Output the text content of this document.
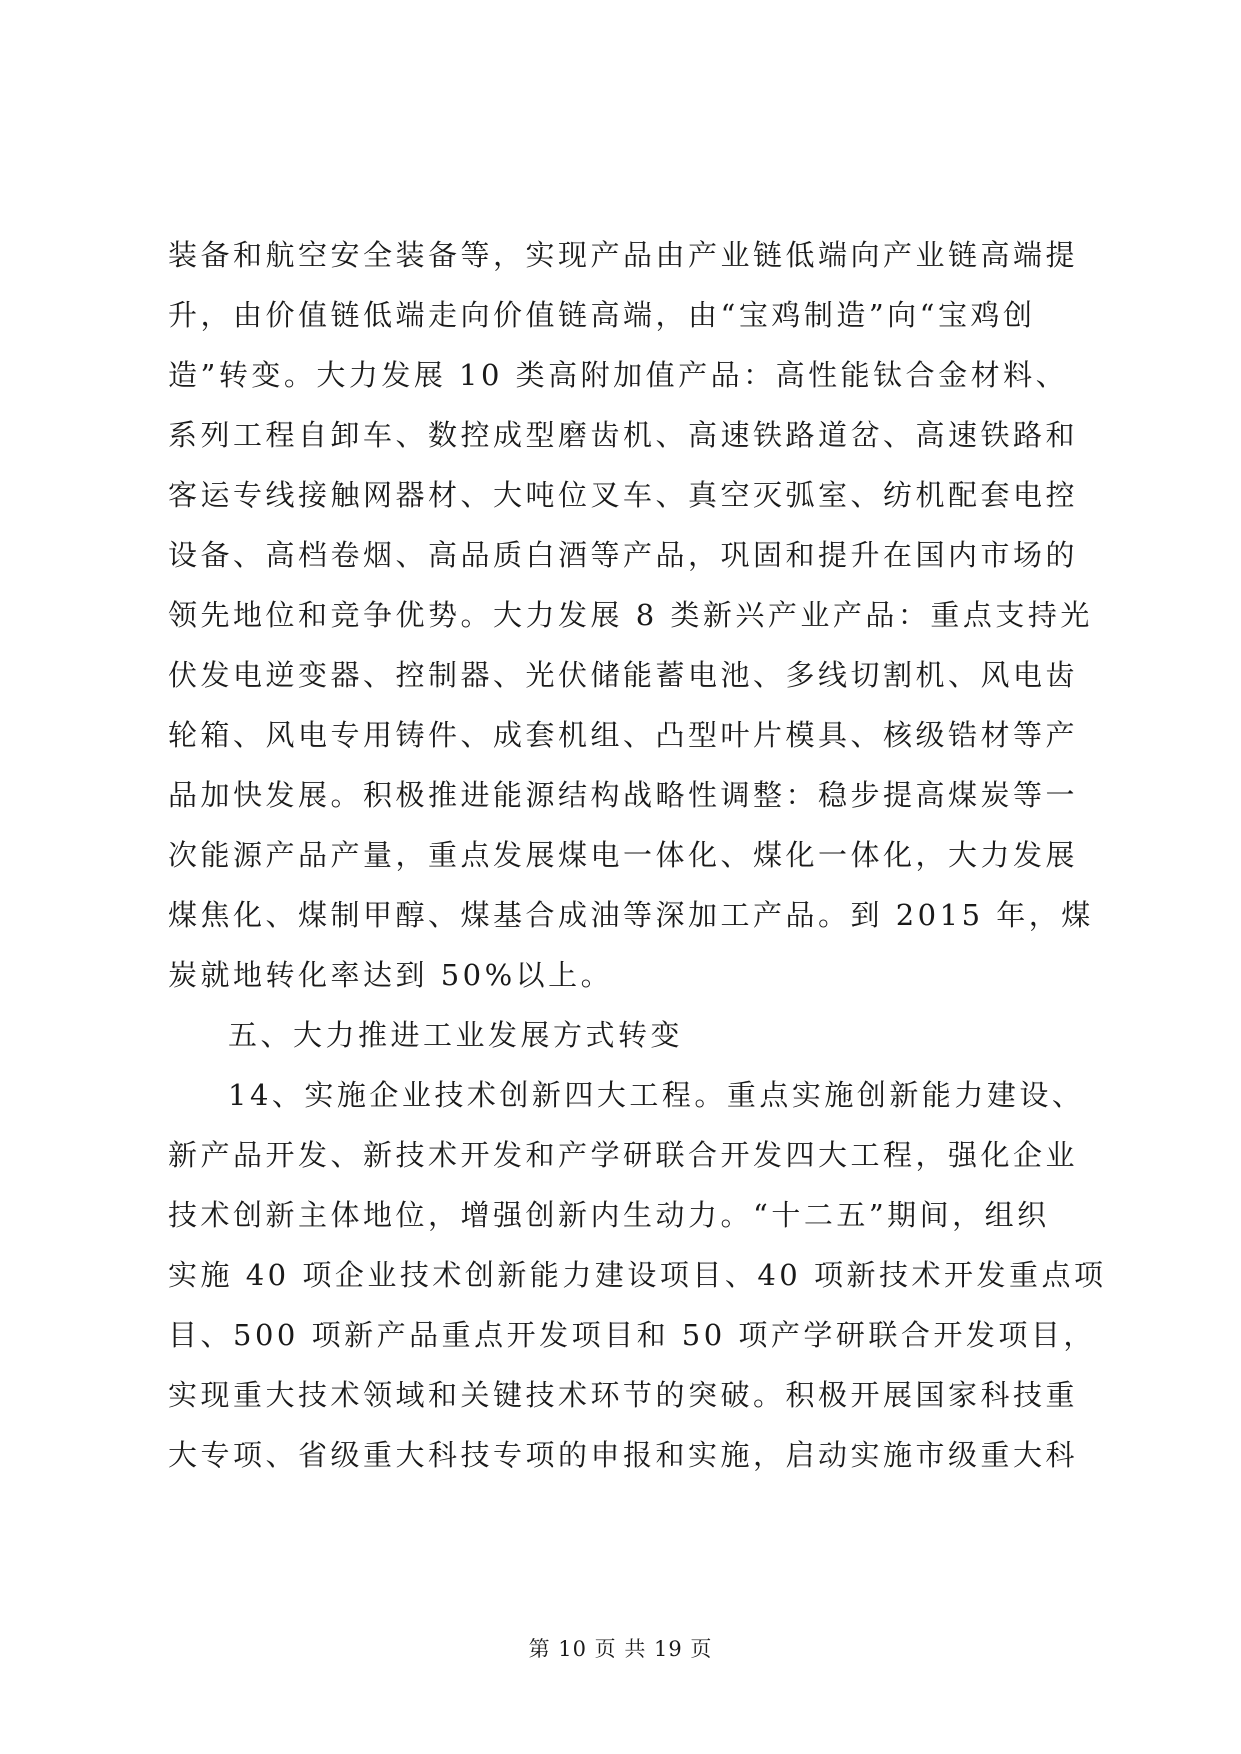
装备和航空安全装备等，实现产品由产业链低端向产业链高端提

升，由价值链低端走向价值链高端，由“宝鸡制造”向“宝鸡创

造”转变。大力发展 10 类高附加值产品：高性能钛合金材料、

系列工程自卸车、数控成型磨齿机、高速铁路道岔、高速铁路和

客运专线接触网器材、大吨位叉车、真空灭弧室、纺机配套电控

设备、高档卷烟、高品质白酒等产品，巩固和提升在国内市场的

领先地位和竞争优势。大力发展 8 类新兴产业产品：重点支持光

伏发电逆变器、控制器、光伏储能蓄电池、多线切割机、风电齿

轮箱、风电专用铸件、成套机组、凸型叶片模具、核级锆材等产

品加快发展。积极推进能源结构战略性调整：稳步提高煤炭等一

次能源产品产量，重点发展煤电一体化、煤化一体化，大力发展

煤焦化、煤制甲醇、煤基合成油等深加工产品。到 2015 年，煤

炭就地转化率达到 50%以上。

五、大力推进工业发展方式转变

14、实施企业技术创新四大工程。重点实施创新能力建设、

新产品开发、新技术开发和产学研联合开发四大工程，强化企业

技术创新主体地位，增强创新内生动力。“十二五”期间，组织

实施 40 项企业技术创新能力建设项目、40 项新技术开发重点项

目、500 项新产品重点开发项目和 50 项产学研联合开发项目，

实现重大技术领域和关键技术环节的突破。积极开展国家科技重

大专项、省级重大科技专项的申报和实施，启动实施市级重大科

第 10 页 共 19 页
